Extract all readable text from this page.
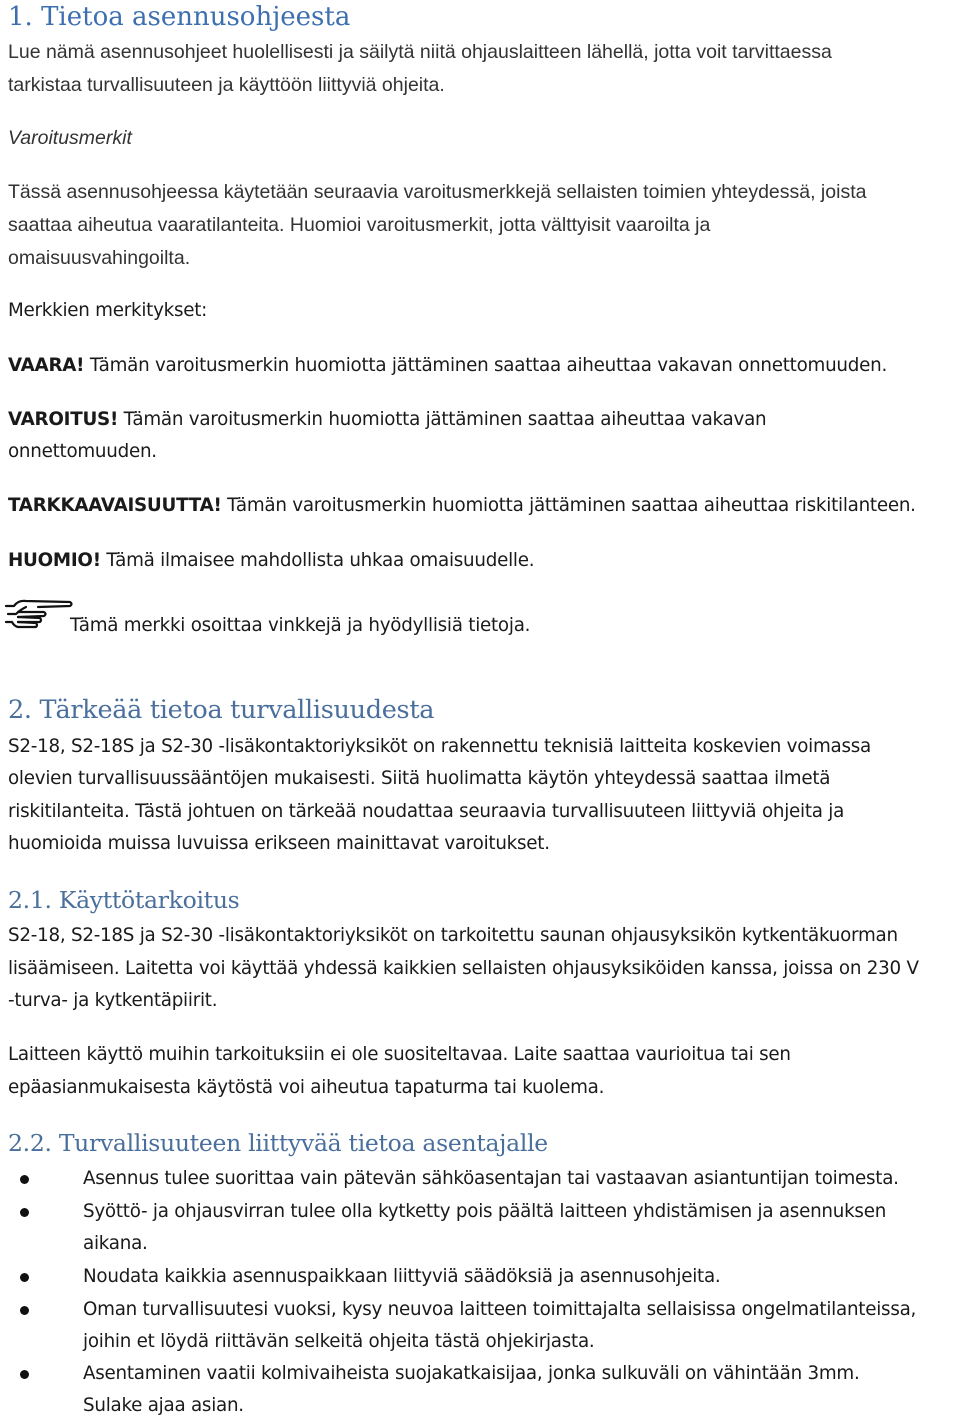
1. Tietoa asennusohjeesta
Lue nämä asennusohjeet huolellisesti ja säilytä niitä ohjauslaitteen lähellä, jotta voit tarvittaessa
tarkistaa turvallisuuteen ja käyttöön liittyviä ohjeita.
Varoitusmerkit
Tässä asennusohjeessa käytetään seuraavia varoitusmerkkejä sellaisten toimien yhteydessä, joista
saattaa aiheutua vaaratilanteita. Huomioi varoitusmerkit, jotta välttyisit vaaroilta ja
omaisuusvahingoilta.
Merkkien merkitykset:
VAARA! Tämän varoitusmerkin huomiotta jättäminen saattaa aiheuttaa vakavan onnettomuuden.
VAROITUS! Tämän varoitusmerkin huomiotta jättäminen saattaa aiheuttaa vakavan
onnettomuuden.
TARKKAAVAISUUTTA! Tämän varoitusmerkin huomiotta jättäminen saattaa aiheuttaa riskitilanteen.
HUOMIO! Tämä ilmaisee mahdollista uhkaa omaisuudelle.
Tämä merkki osoittaa vinkkejä ja hyödyllisiä tietoja.
2. Tärkeää tietoa turvallisuudesta
S2-18, S2-18S ja S2-30 -lisäkontaktoriyksiköt on rakennettu teknisiä laitteita koskevien voimassa
olevien turvallisuussääntöjen mukaisesti. Siitä huolimatta käytön yhteydessä saattaa ilmetä
riskitilanteita. Tästä johtuen on tärkeää noudattaa seuraavia turvallisuuteen liittyviä ohjeita ja
huomioida muissa luvuissa erikseen mainittavat varoitukset.
2.1. Käyttötarkoitus
S2-18, S2-18S ja S2-30 -lisäkontaktoriyksiköt on tarkoitettu saunan ohjausyksikön kytkentäkuorman
lisäämiseen. Laitetta voi käyttää yhdessä kaikkien sellaisten ohjausyksiköiden kanssa, joissa on 230 V
-turva- ja kytkentäpiirit.
Laitteen käyttö muihin tarkoituksiin ei ole suositeltavaa. Laite saattaa vaurioitua tai sen
epäasianmukaisesta käytöstä voi aiheutua tapaturma tai kuolema.
2.2. Turvallisuuteen liittyvää tietoa asentajalle
Asennus tulee suorittaa vain pätevän sähköasentajan tai vastaavan asiantuntijan toimesta.
Syöttö- ja ohjausvirran tulee olla kytketty pois päältä laitteen yhdistämisen ja asennuksen
aikana.
Noudata kaikkia asennuspaikkaan liittyviä säädöksiä ja asennusohjeita.
Oman turvallisuutesi vuoksi, kysy neuvoa laitteen toimittajalta sellaisissa ongelmatilanteissa,
joihin et löydä riittävän selkeitä ohjeita tästä ohjekirjasta.
Asentaminen vaatii kolmivaiheista suojakatkaisijaa, jonka sulkuväli on vähintään 3mm.
Sulake ajaa asian.
